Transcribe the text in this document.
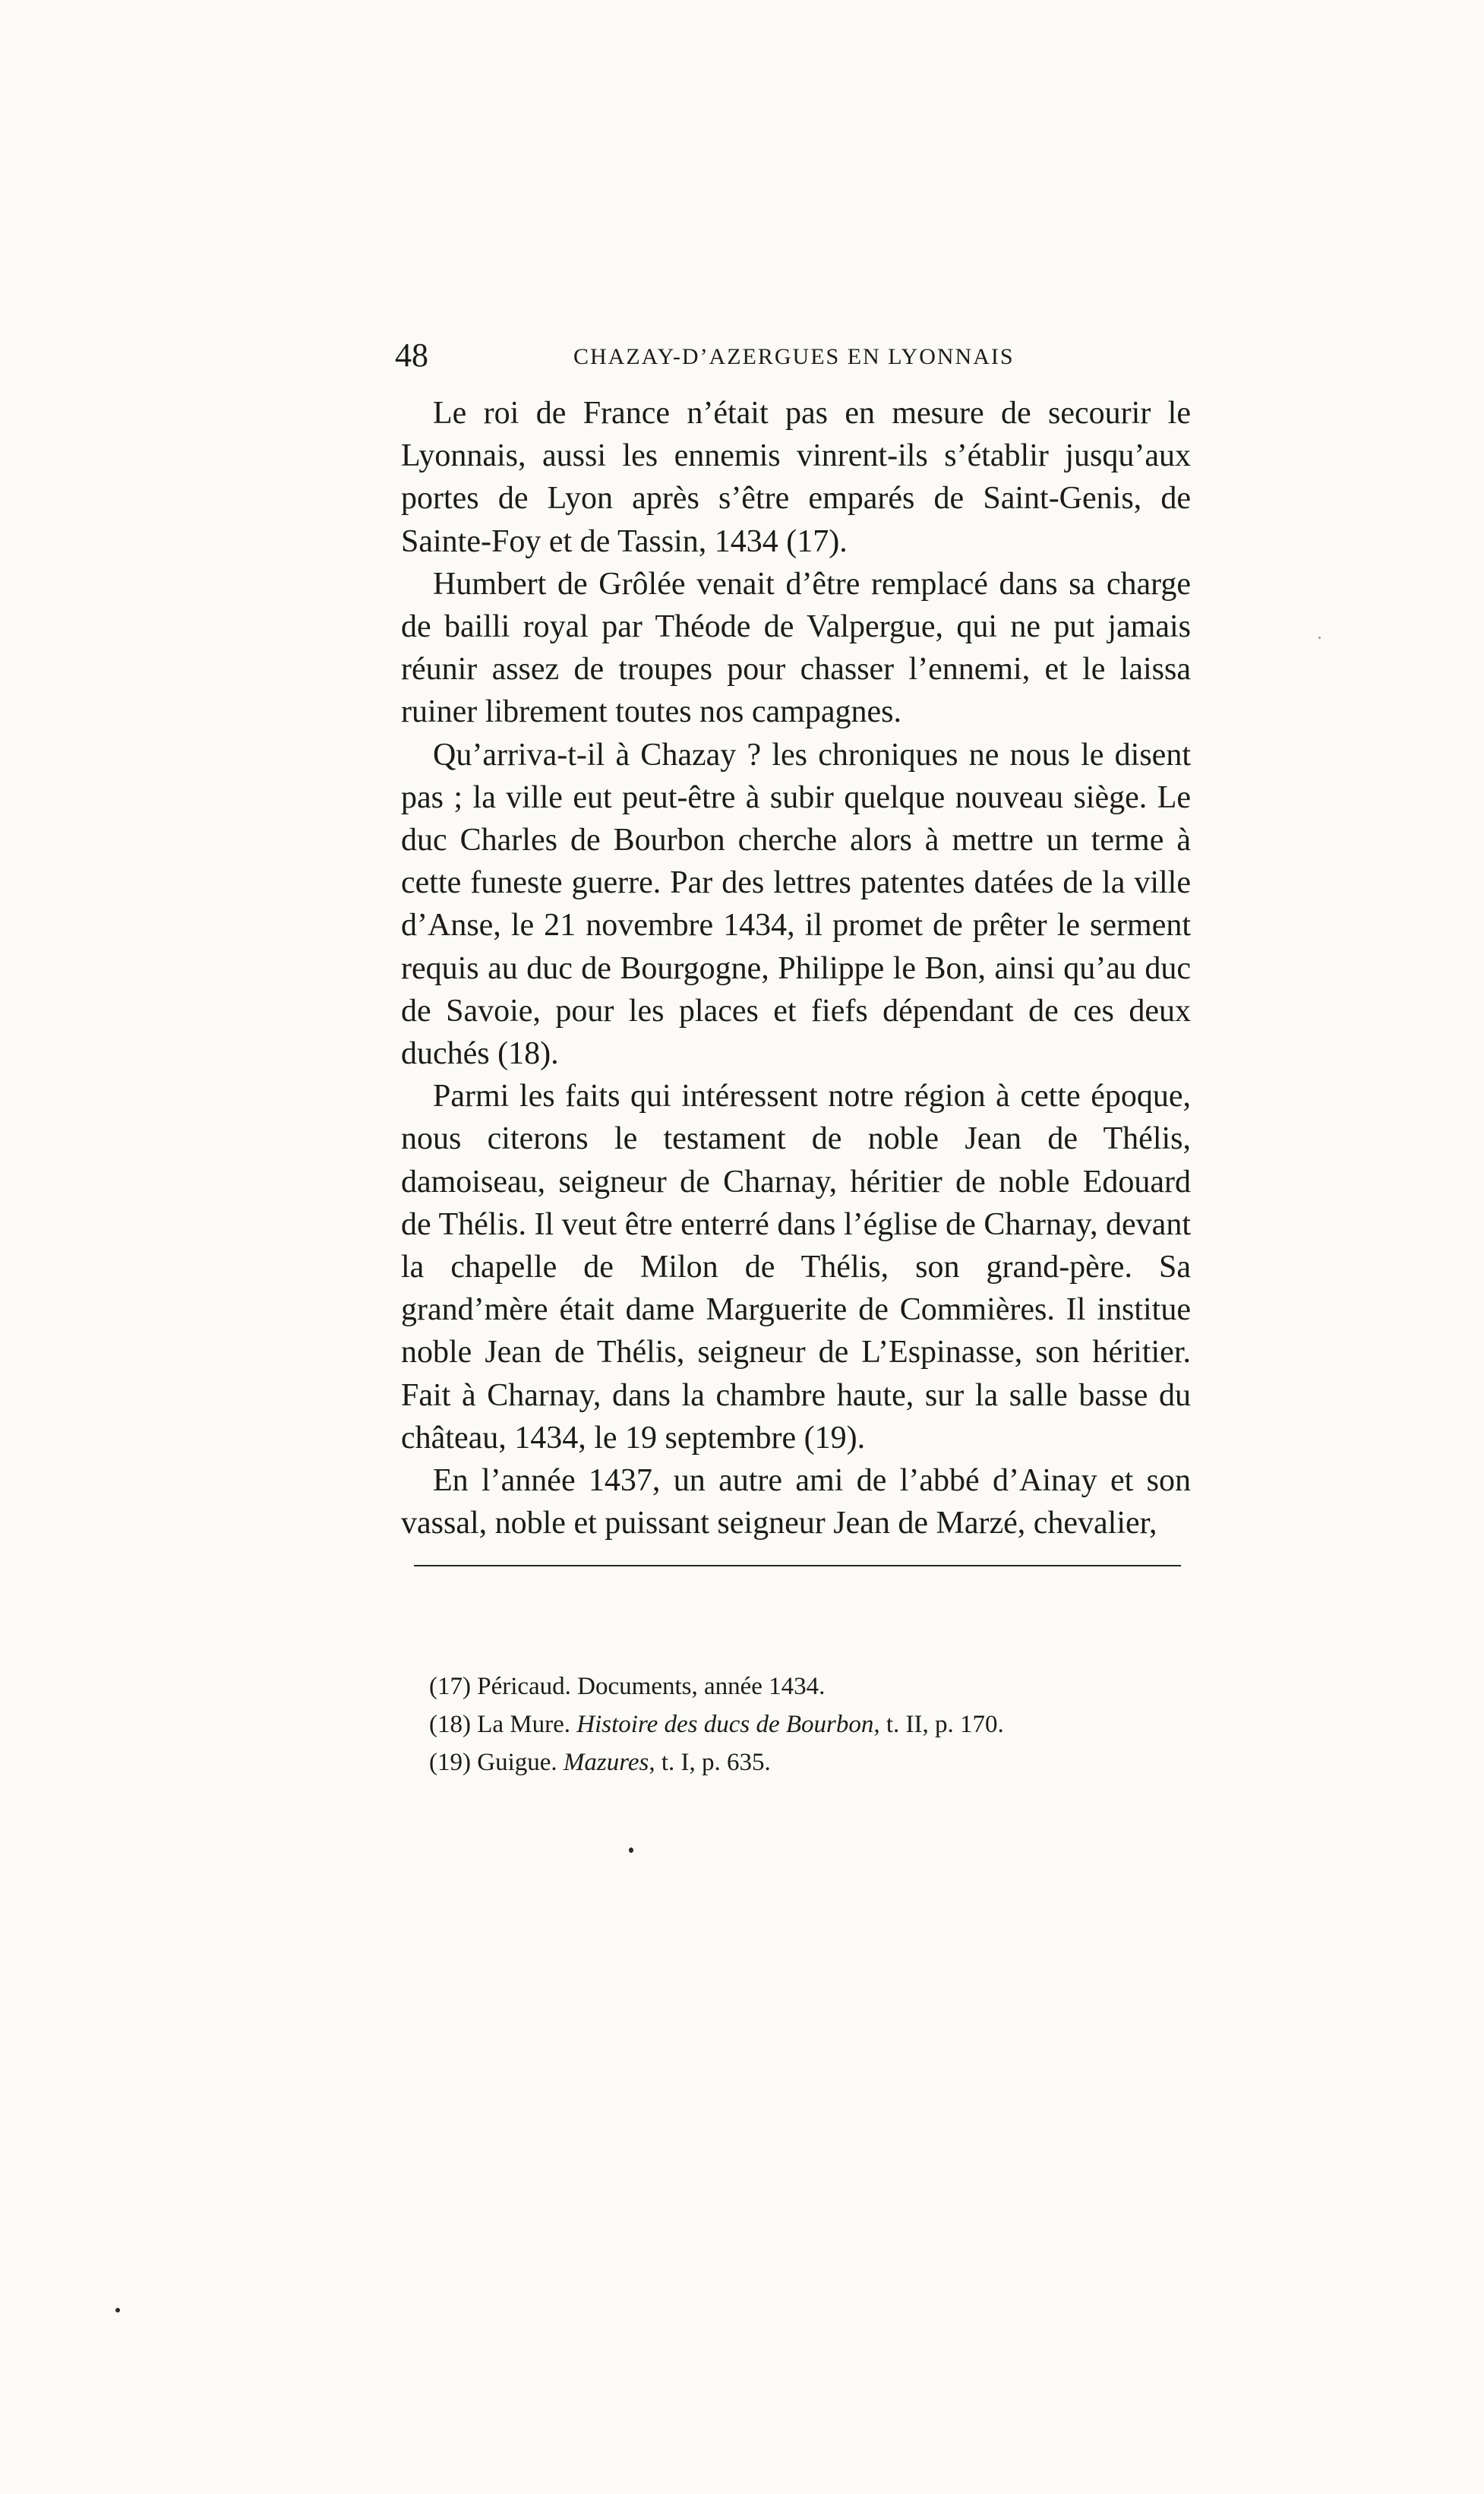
48	CHAZAY-D’AZERGUES EN LYONNAIS

Le roi de France n’était pas en mesure de secourir le Lyonnais, aussi les ennemis vinrent-ils s’établir jusqu’aux portes de Lyon après s’être emparés de Saint-Genis, de Sainte-Foy et de Tassin, 1434 (17).

Humbert de Grôlée venait d’être remplacé dans sa charge de bailli royal par Théode de Valpergue, qui ne put jamais réunir assez de troupes pour chasser l’ennemi, et le laissa ruiner librement toutes nos campagnes.

Qu’arriva-t-il à Chazay ? les chroniques ne nous le disent pas ; la ville eut peut-être à subir quelque nouveau siège. Le duc Charles de Bourbon cherche alors à mettre un terme à cette funeste guerre. Par des lettres patentes datées de la ville d’Anse, le 21 novembre 1434, il promet de prêter le serment requis au duc de Bourgogne, Philippe le Bon, ainsi qu’au duc de Savoie, pour les places et fiefs dépendant de ces deux duchés (18).

Parmi les faits qui intéressent notre région à cette époque, nous citerons le testament de noble Jean de Thélis, damoiseau, seigneur de Charnay, héritier de noble Edouard de Thélis. Il veut être enterré dans l’église de Charnay, devant la chapelle de Milon de Thélis, son grand-père. Sa grand’mère était dame Marguerite de Commières. Il institue noble Jean de Thélis, seigneur de L’Espinasse, son héritier. Fait à Charnay, dans la chambre haute, sur la salle basse du château, 1434, le 19 septembre (19).

En l’année 1437, un autre ami de l’abbé d’Ainay et son vassal, noble et puissant seigneur Jean de Marzé, chevalier,

(17) Péricaud. Documents, année 1434.

(18) La Mure. Histoire des ducs de Bourbon, t. II, p. 170.

(19) Guigue. Mazures, t. I, p. 635.
